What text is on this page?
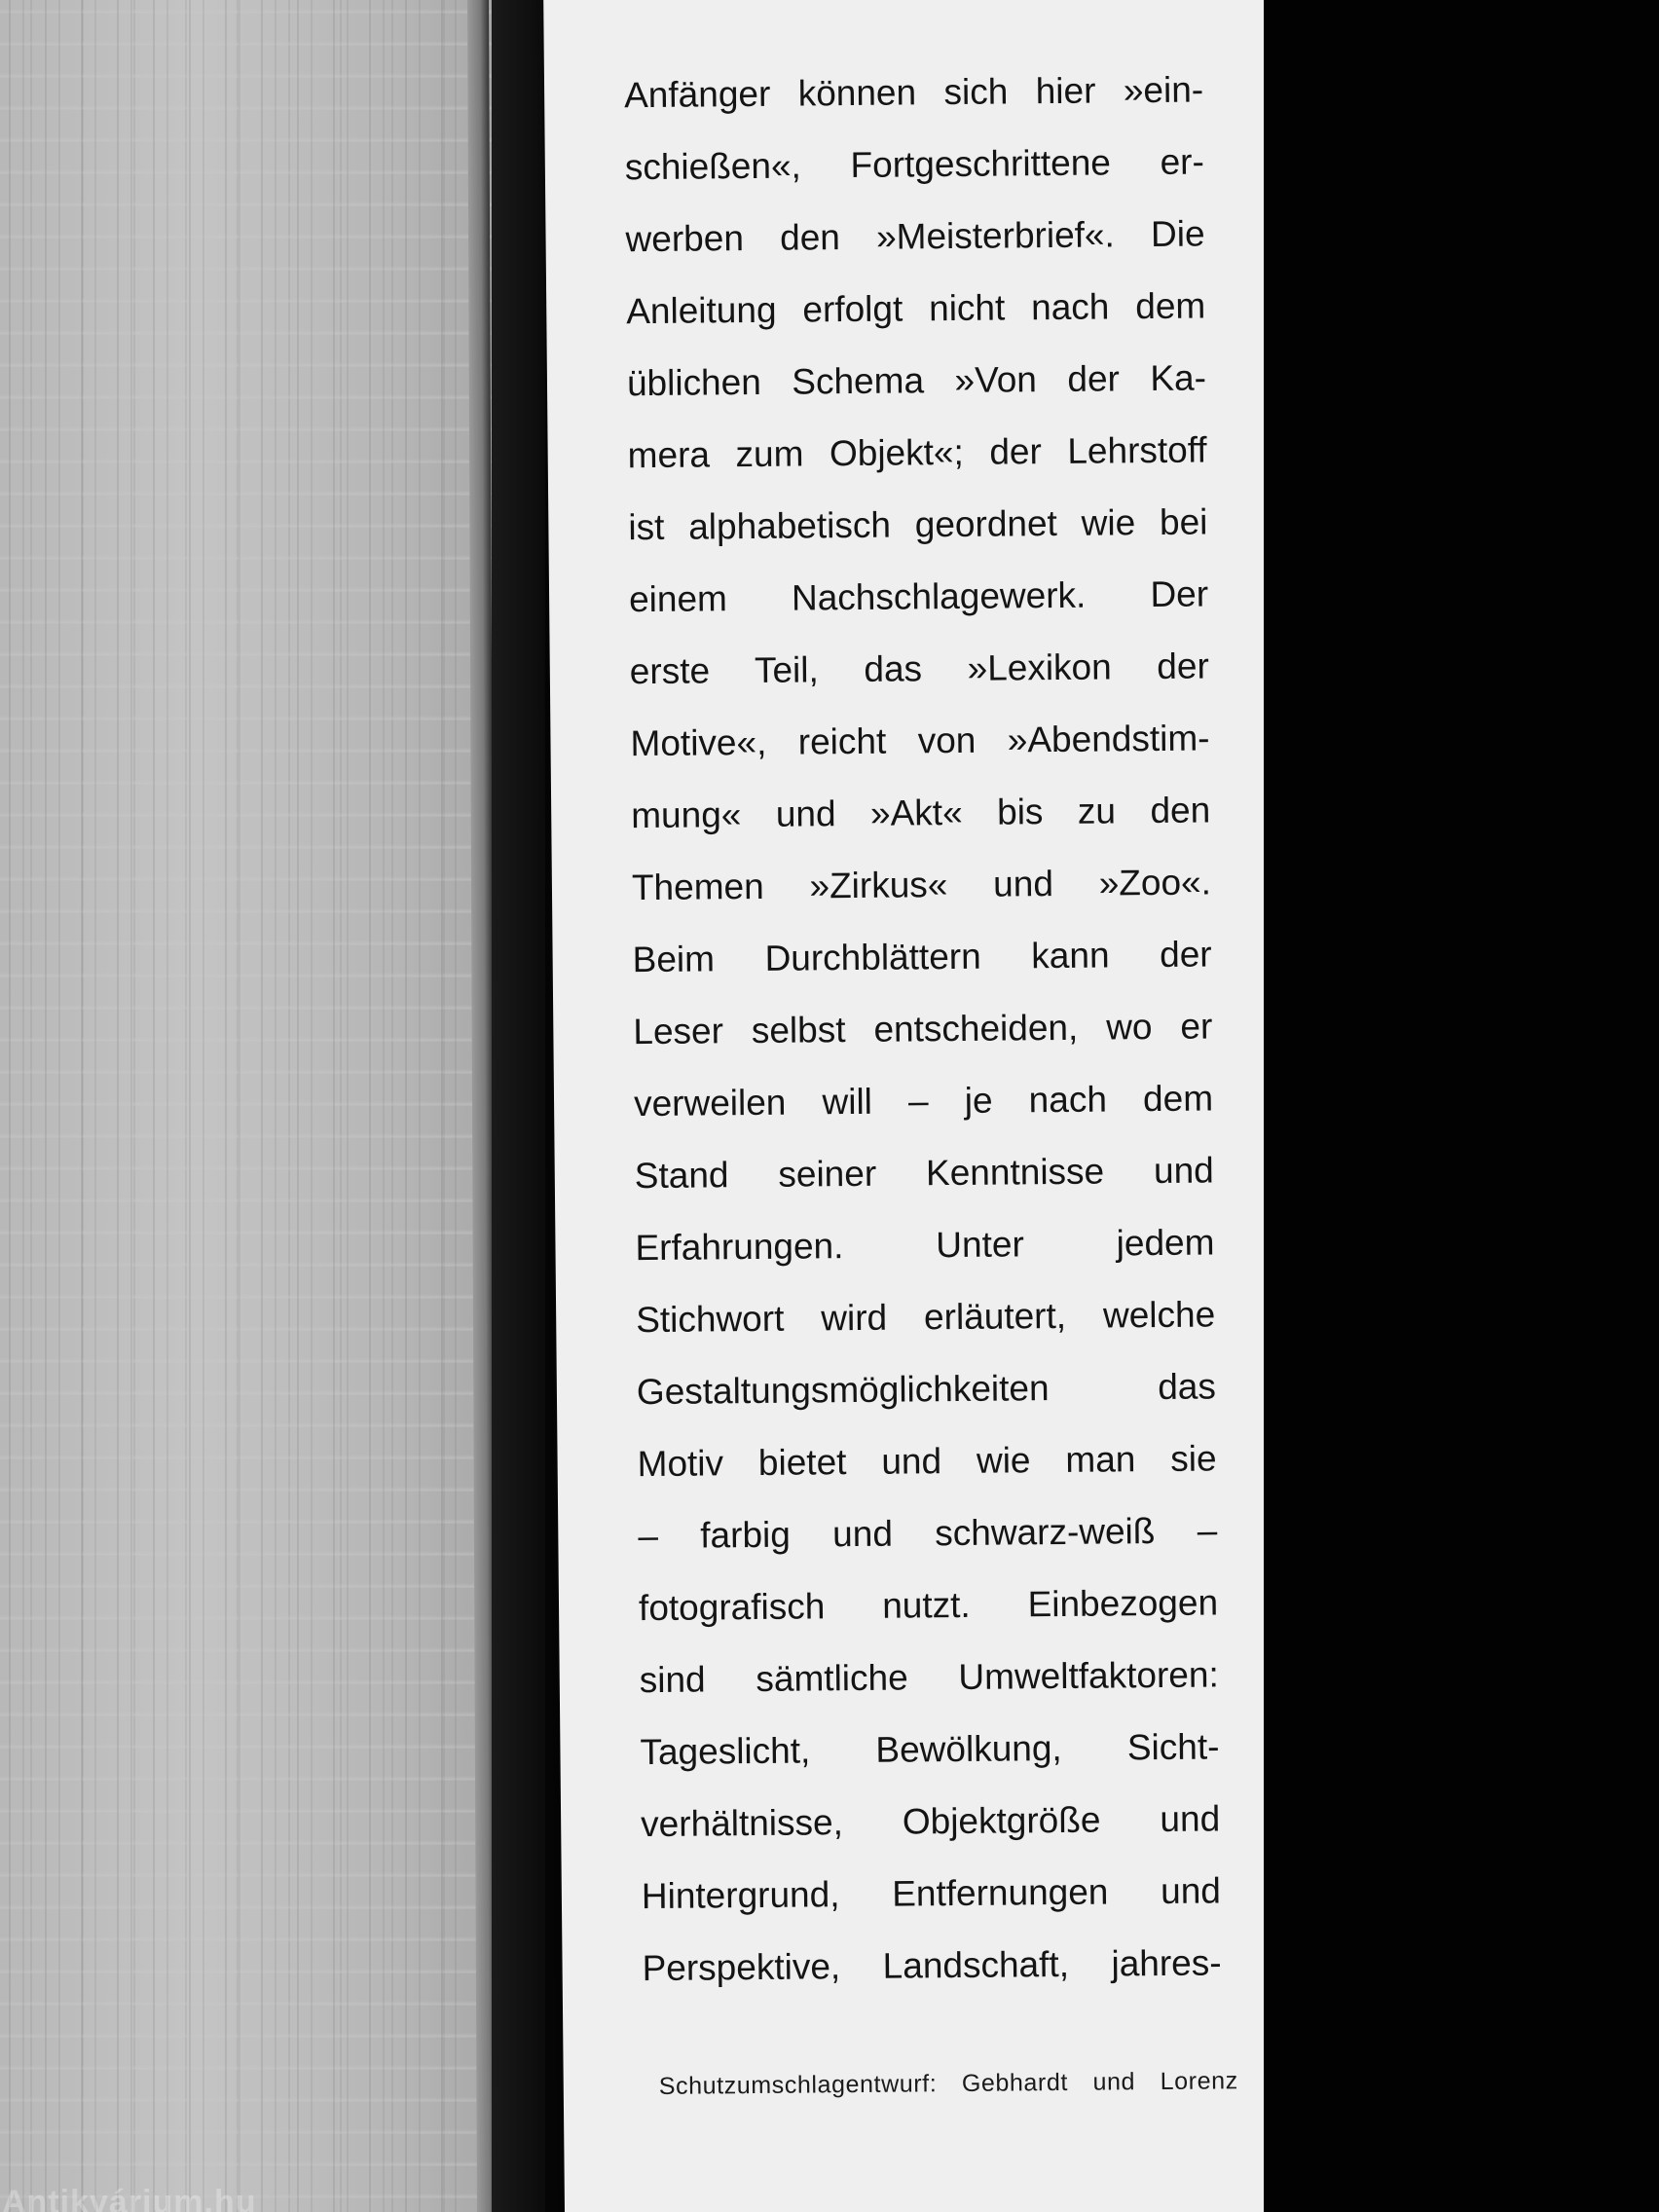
Anfänger können sich hier »ein-
schießen«, Fortgeschrittene er-
werben den »Meisterbrief«. Die
Anleitung erfolgt nicht nach dem
üblichen Schema »Von der Ka-
mera zum Objekt«; der Lehrstoff
ist alphabetisch geordnet wie bei
einem Nachschlagewerk. Der
erste Teil, das »Lexikon der
Motive«, reicht von »Abendstim-
mung« und »Akt« bis zu den
Themen »Zirkus« und »Zoo«.
Beim Durchblättern kann der
Leser selbst entscheiden, wo er
verweilen will – je nach dem
Stand seiner Kenntnisse und
Erfahrungen. Unter jedem
Stichwort wird erläutert, welche
Gestaltungsmöglichkeiten das
Motiv bietet und wie man sie
– farbig und schwarz-weiß –
fotografisch nutzt. Einbezogen
sind sämtliche Umweltfaktoren:
Tageslicht, Bewölkung, Sicht-
verhältnisse, Objektgröße und
Hintergrund, Entfernungen und
Perspektive, Landschaft, jahres-
Schutzumschlagentwurf: Gebhardt und Lorenz
Antikvárium.hu
